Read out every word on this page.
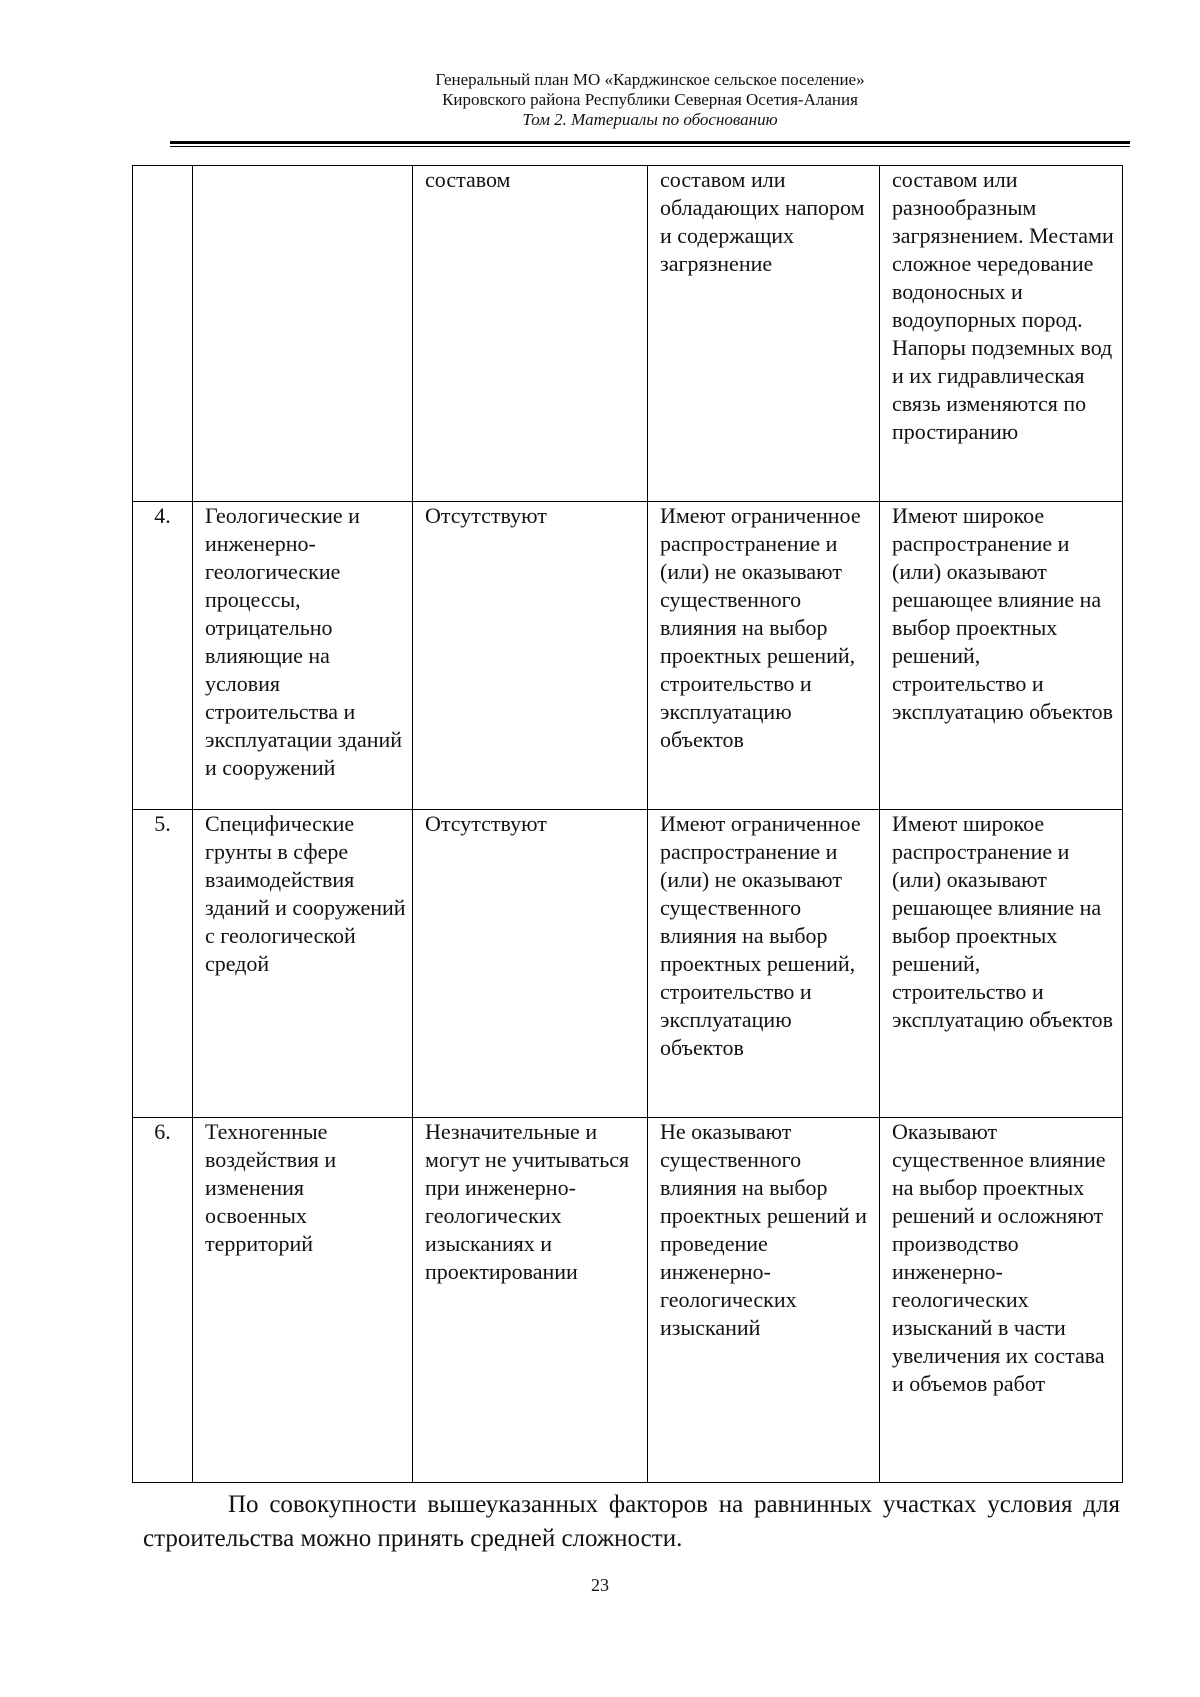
Генеральный план МО «Карджинское сельское поселение»
Кировского района Республики Северная Осетия-Алания
Том 2. Материалы по обоснованию
		составом	составом или обладающих напором и содержащих загрязнение	составом или разнообразным загрязнением. Местами сложное чередование водоносных и водоупорных пород. Напоры подземных вод и их гидравлическая связь изменяются по простиранию
4.	Геологические и инженерно-геологические процессы, отрицательно влияющие на условия строительства и эксплуатации зданий и сооружений	Отсутствуют	Имеют ограниченное распространение и (или) не оказывают существенного влияния на выбор проектных решений, строительство и эксплуатацию объектов	Имеют широкое распространение и (или) оказывают решающее влияние на выбор проектных решений, строительство и эксплуатацию объектов
5.	Специфические грунты в сфере взаимодействия зданий и сооружений с геологической средой	Отсутствуют	Имеют ограниченное распространение и (или) не оказывают существенного влияния на выбор проектных решений, строительство и эксплуатацию объектов	Имеют широкое распространение и (или) оказывают решающее влияние на выбор проектных решений, строительство и эксплуатацию объектов
6.	Техногенные воздействия и изменения освоенных территорий	Незначительные и могут не учитываться при инженерно-геологических изысканиях и проектировании	Не оказывают существенного влияния на выбор проектных решений и проведение инженерно-геологических изысканий	Оказывают существенное влияние на выбор проектных решений и осложняют производство инженерно-геологических изысканий в части увеличения их состава и объемов работ
По совокупности вышеуказанных факторов на равнинных участках условия для строительства можно принять средней сложности.
23
